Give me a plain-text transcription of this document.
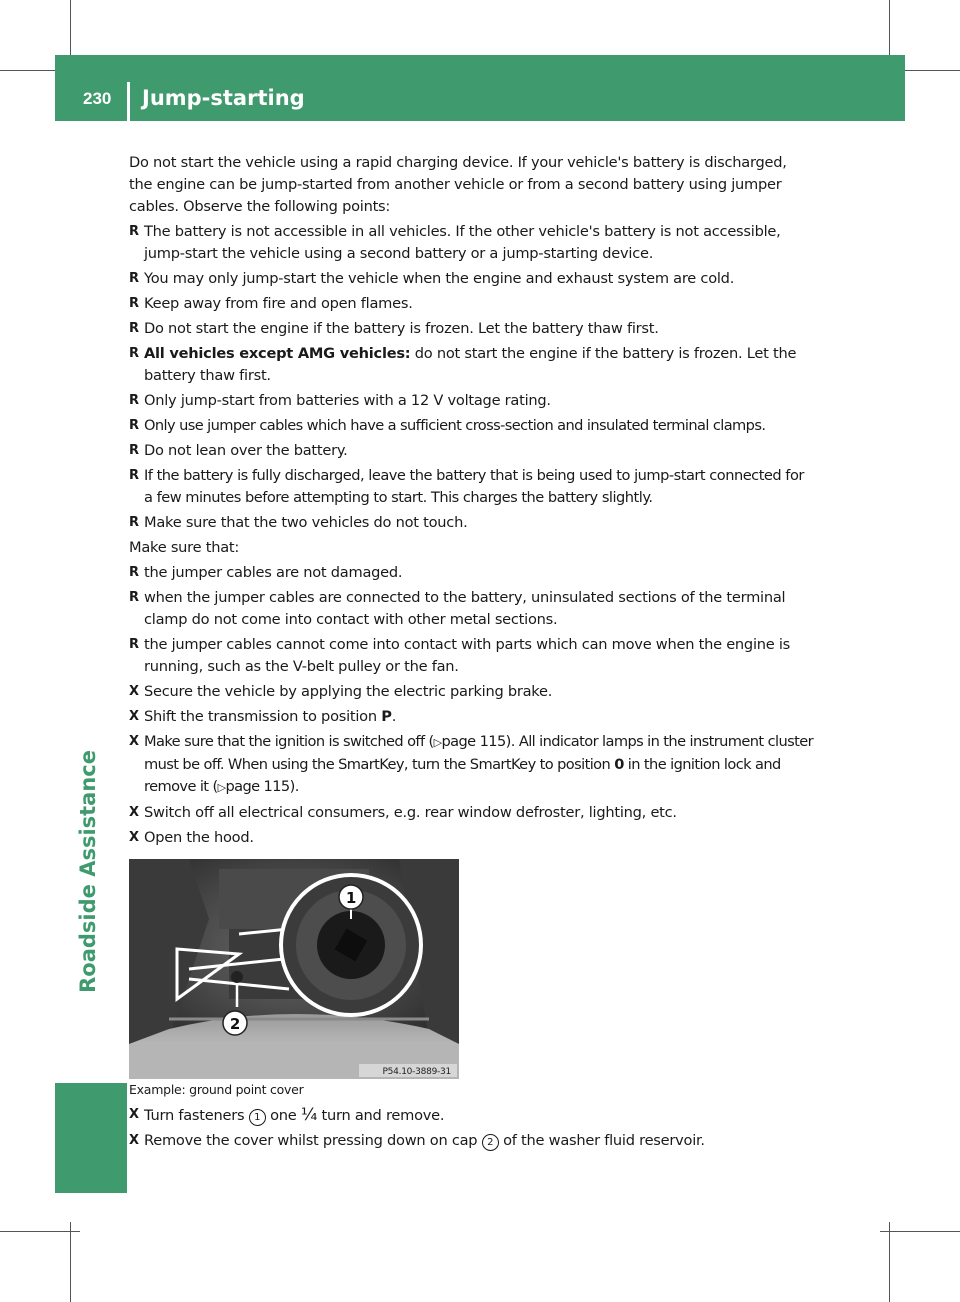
230 Jump-starting
Roadside Assistance

Do not start the vehicle using a rapid charging device. If your vehicle's battery is discharged, the engine can be jump-started from another vehicle or from a second battery using jumper cables. Observe the following points:

R The battery is not accessible in all vehicles. If the other vehicle's battery is not accessible, jump-start the vehicle using a second battery or a jump-starting device.
R You may only jump-start the vehicle when the engine and exhaust system are cold.
R Keep away from fire and open flames.
R Do not start the engine if the battery is frozen. Let the battery thaw first.
R All vehicles except AMG vehicles: do not start the engine if the battery is frozen. Let the battery thaw first.
R Only jump-start from batteries with a 12 V voltage rating.
R Only use jumper cables which have a sufficient cross-section and insulated terminal clamps.
R Do not lean over the battery.
R If the battery is fully discharged, leave the battery that is being used to jump-start connected for a few minutes before attempting to start. This charges the battery slightly.
R Make sure that the two vehicles do not touch.

Make sure that:

R the jumper cables are not damaged.
R when the jumper cables are connected to the battery, uninsulated sections of the terminal clamp do not come into contact with other metal sections.
R the jumper cables cannot come into contact with parts which can move when the engine is running, such as the V-belt pulley or the fan.
X Secure the vehicle by applying the electric parking brake.
X Shift the transmission to position P.
X Make sure that the ignition is switched off (▷page 115). All indicator lamps in the instrument cluster must be off. When using the SmartKey, turn the SmartKey to position 0 in the ignition lock and remove it (▷page 115).
X Switch off all electrical consumers, e.g. rear window defroster, lighting, etc.
X Open the hood.
1
2
P54.10-3889-31

Example: ground point cover

X Turn fasteners 1 one ¼ turn and remove.
X Remove the cover whilst pressing down on cap 2 of the washer fluid reservoir.
